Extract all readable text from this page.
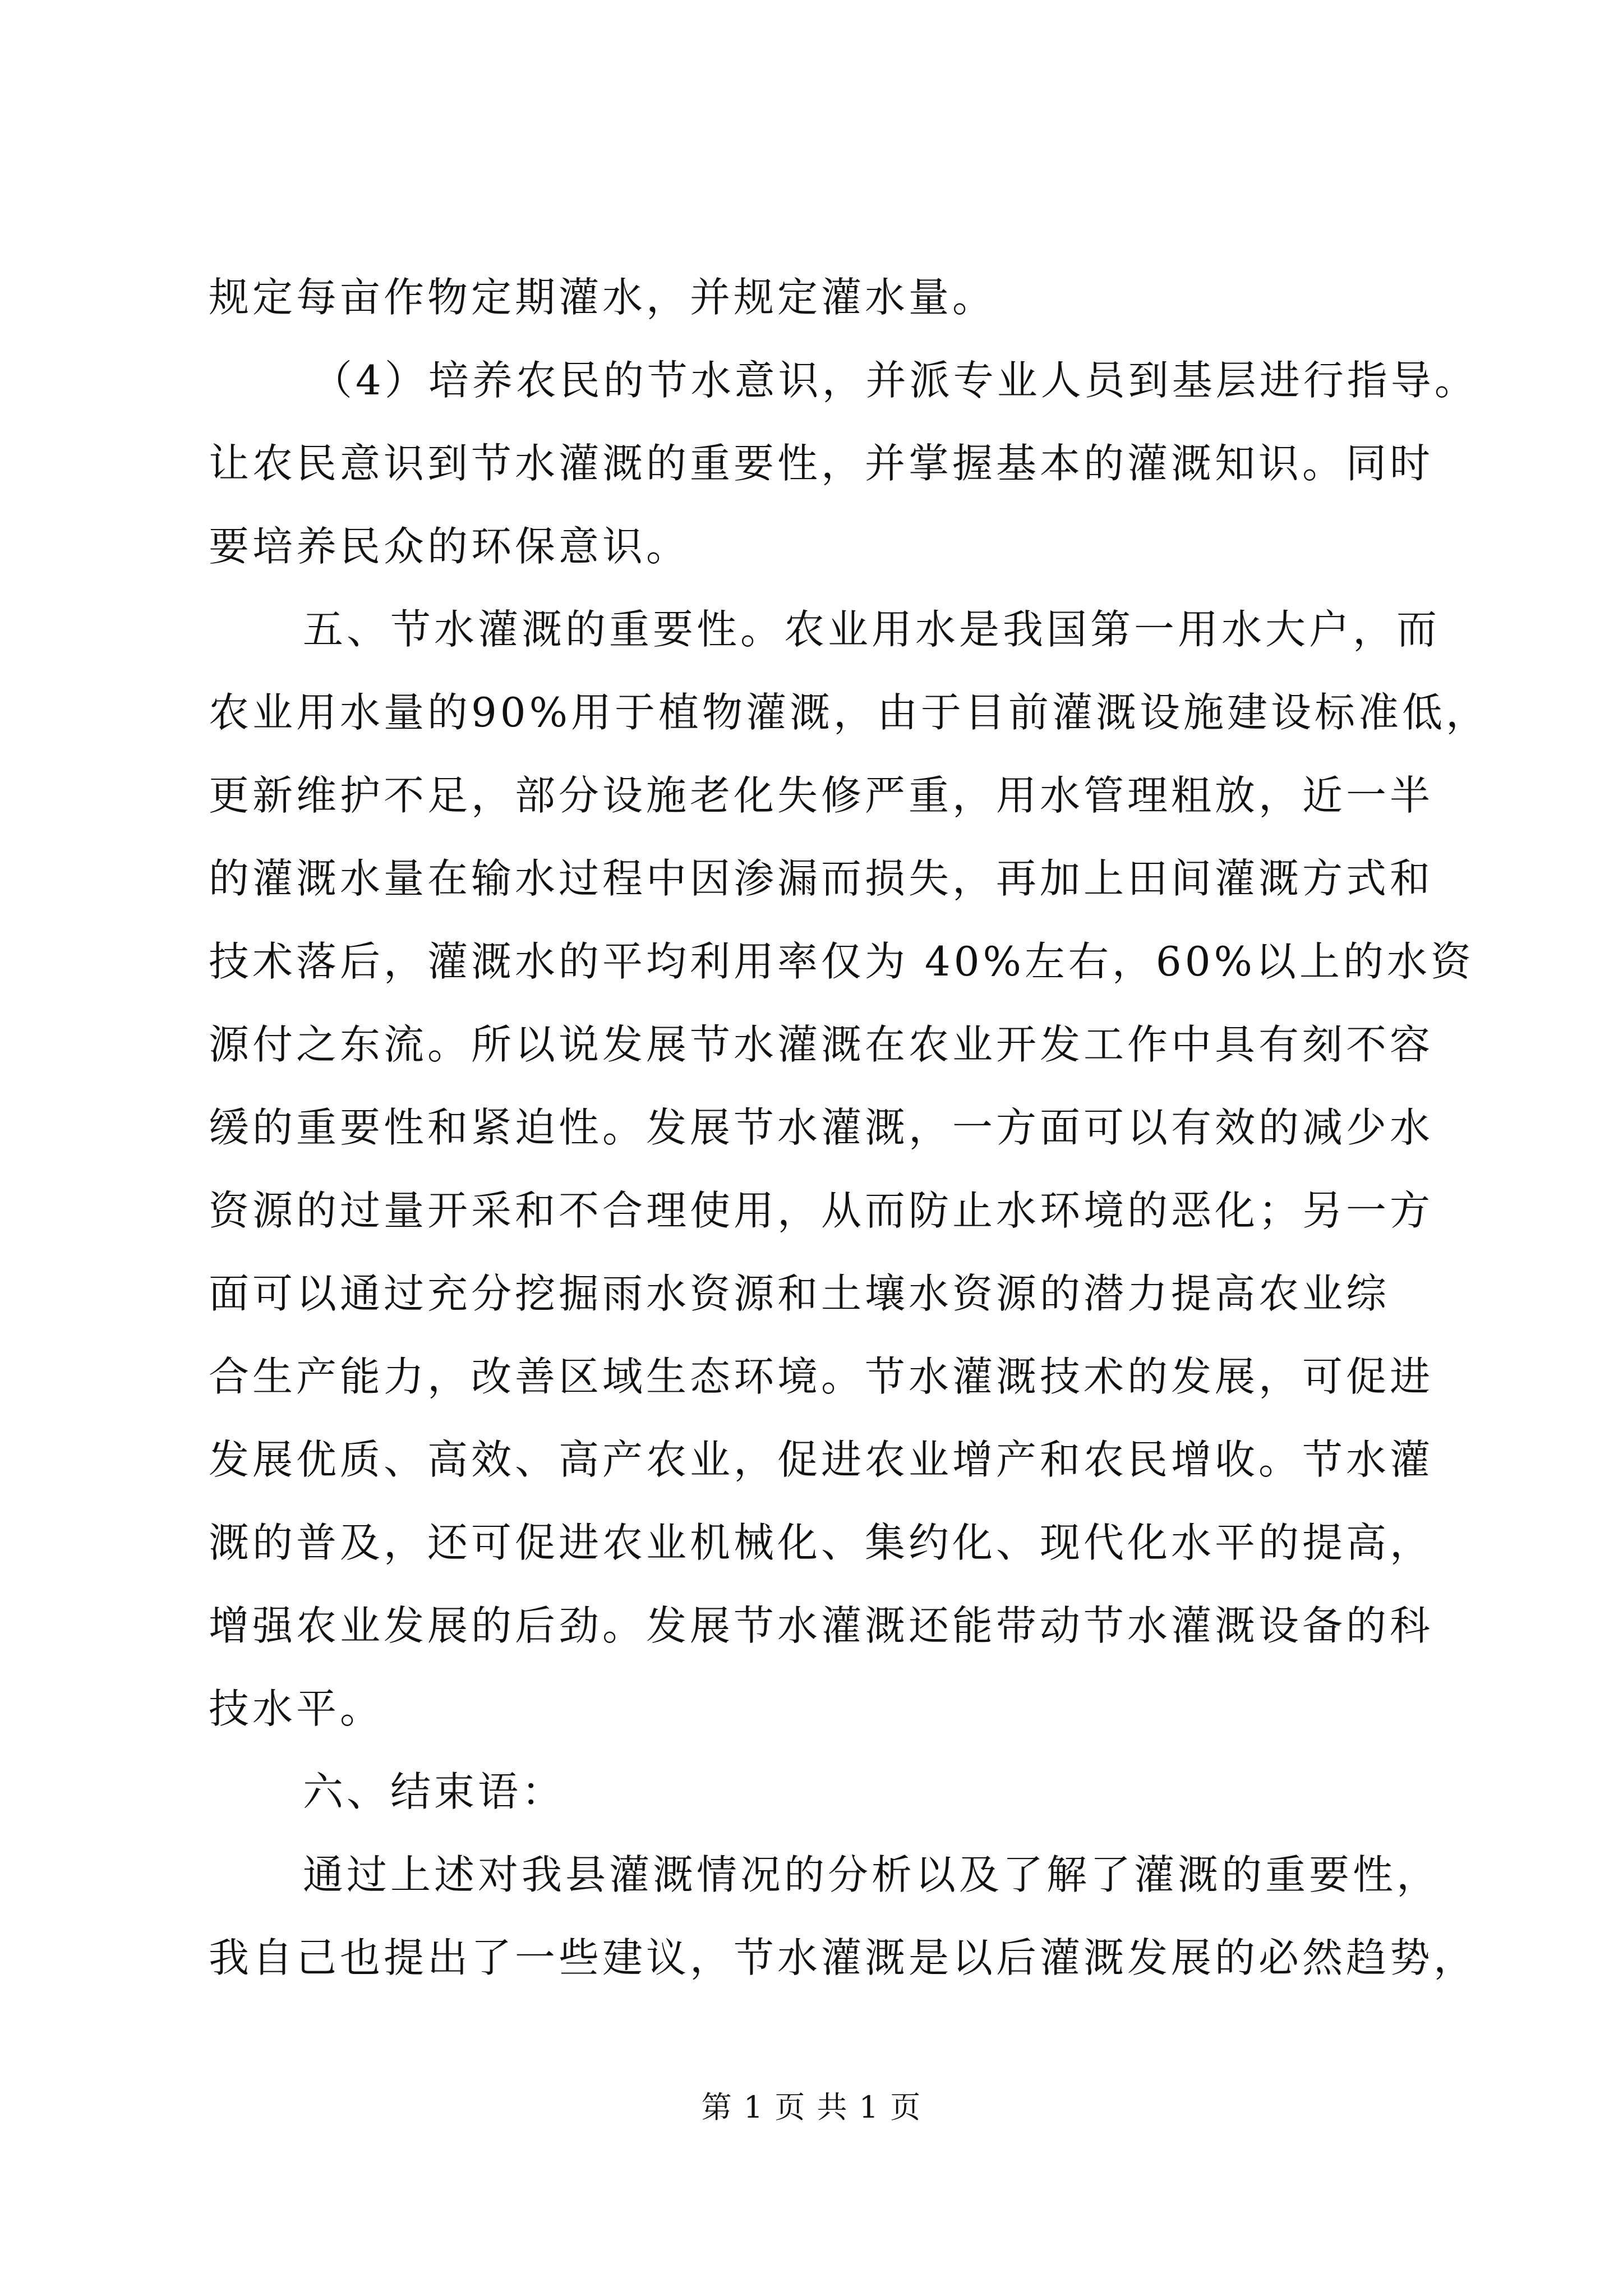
规定每亩作物定期灌水，并规定灌水量。
（4）培养农民的节水意识，并派专业人员到基层进行指导。
让农民意识到节水灌溉的重要性，并掌握基本的灌溉知识。同时
要培养民众的环保意识。
五、节水灌溉的重要性。农业用水是我国第一用水大户，而
农业用水量的90%用于植物灌溉，由于目前灌溉设施建设标准低，
更新维护不足，部分设施老化失修严重，用水管理粗放，近一半
的灌溉水量在输水过程中因渗漏而损失，再加上田间灌溉方式和
技术落后，灌溉水的平均利用率仅为 40%左右，60%以上的水资
源付之东流。所以说发展节水灌溉在农业开发工作中具有刻不容
缓的重要性和紧迫性。发展节水灌溉，一方面可以有效的减少水
资源的过量开采和不合理使用，从而防止水环境的恶化；另一方
面可以通过充分挖掘雨水资源和土壤水资源的潜力提高农业综
合生产能力，改善区域生态环境。节水灌溉技术的发展，可促进
发展优质、高效、高产农业，促进农业增产和农民增收。节水灌
溉的普及，还可促进农业机械化、集约化、现代化水平的提高，
增强农业发展的后劲。发展节水灌溉还能带动节水灌溉设备的科
技水平。
六、结束语：
通过上述对我县灌溉情况的分析以及了解了灌溉的重要性，
我自己也提出了一些建议，节水灌溉是以后灌溉发展的必然趋势，
第 1 页 共 1 页
